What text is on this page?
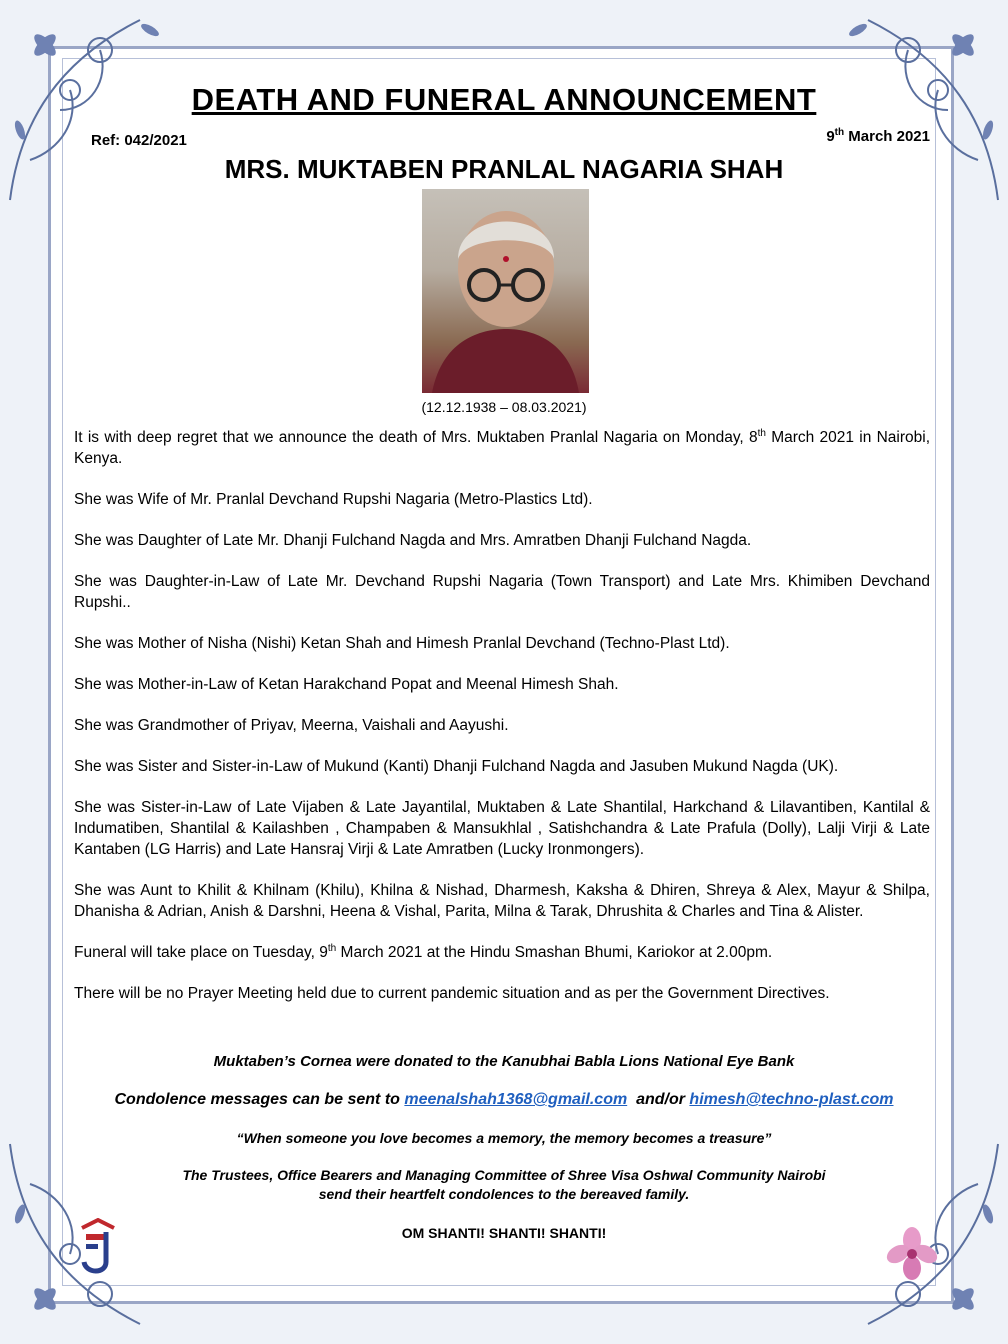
DEATH AND FUNERAL ANNOUNCEMENT
Ref: 042/2021	9th March 2021
MRS. MUKTABEN PRANLAL NAGARIA SHAH
(12.12.1938 – 08.03.2021)

It is with deep regret that we announce the death of Mrs. Muktaben Pranlal Nagaria on Monday, 8th March 2021 in Nairobi, Kenya.

She was Wife of Mr. Pranlal Devchand Rupshi Nagaria (Metro-Plastics Ltd).

She was Daughter of Late Mr. Dhanji Fulchand Nagda and Mrs. Amratben Dhanji Fulchand Nagda.

She was Daughter-in-Law of Late Mr. Devchand Rupshi Nagaria (Town Transport) and Late Mrs. Khimiben Devchand Rupshi..

She was Mother of Nisha (Nishi) Ketan Shah and Himesh Pranlal Devchand (Techno-Plast Ltd).

She was Mother-in-Law of Ketan Harakchand Popat and Meenal Himesh Shah.

She was Grandmother of Priyav, Meerna, Vaishali and Aayushi.

She was Sister and Sister-in-Law of Mukund (Kanti) Dhanji Fulchand Nagda and Jasuben Mukund Nagda (UK).

She was Sister-in-Law of Late Vijaben & Late Jayantilal, Muktaben & Late Shantilal, Harkchand & Lilavantiben, Kantilal & Indumatiben, Shantilal & Kailashben , Champaben & Mansukhlal , Satishchandra & Late Prafula (Dolly), Lalji Virji & Late Kantaben (LG Harris) and Late Hansraj Virji & Late Amratben (Lucky Ironmongers).

She was Aunt to Khilit & Khilnam (Khilu), Khilna & Nishad, Dharmesh, Kaksha & Dhiren, Shreya & Alex, Mayur & Shilpa, Dhanisha & Adrian, Anish & Darshni, Heena & Vishal, Parita, Milna & Tarak, Dhrushita & Charles and Tina & Alister.

Funeral will take place on Tuesday, 9th March 2021 at the Hindu Smashan Bhumi, Kariokor at 2.00pm.

There will be no Prayer Meeting held due to current pandemic situation and as per the Government Directives.

Muktaben’s Cornea were donated to the Kanubhai Babla Lions National Eye Bank
Condolence messages can be sent to meenalshah1368@gmail.com  and/or himesh@techno-plast.com
“When someone you love becomes a memory, the memory becomes a treasure”
The Trustees, Office Bearers and Managing Committee of Shree Visa Oshwal Community Nairobi
send their heartfelt condolences to the bereaved family.
OM SHANTI! SHANTI! SHANTI!
